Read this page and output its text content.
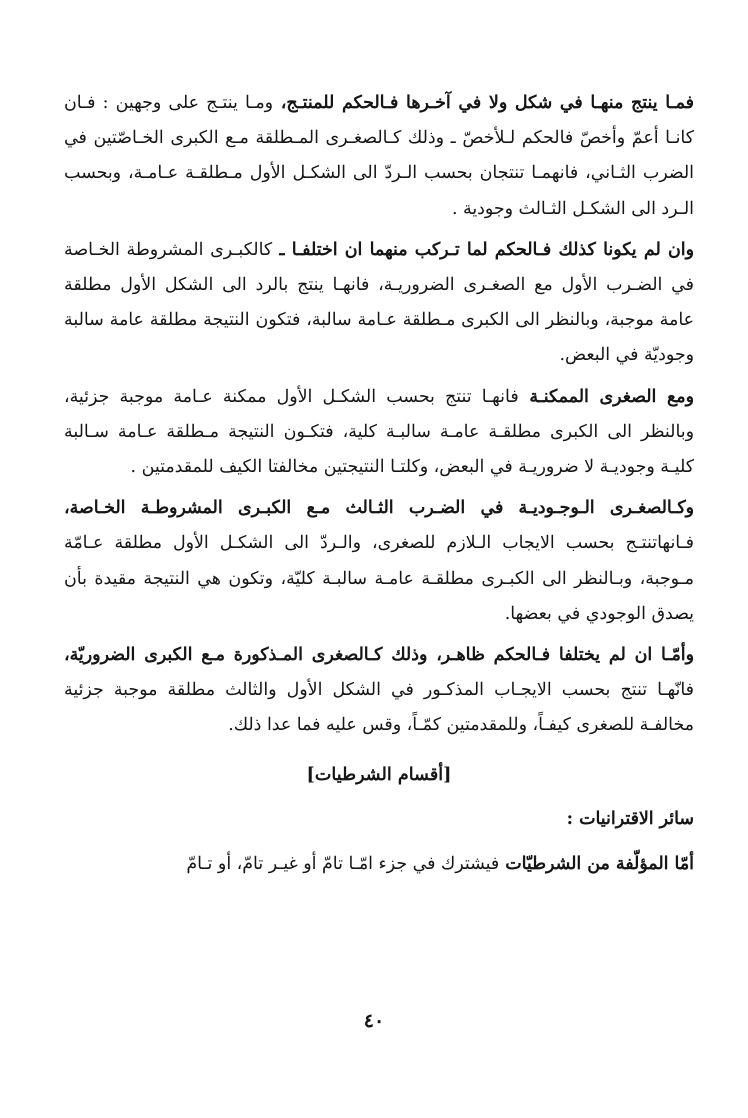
فمـا ينتج منهـا في شكل ولا في آخـرها فـالحكم للمنتـج، ومـا ينتـج على وجهين : فـان كانـا أعمّ وأخصّ فالحكم لـلأخصّ ـ وذلك كـالصغـرى المـطلقة مـع الكبرى الخـاصّتين في الضرب الثـاني، فانهمـا تنتجان بحسب الـردّ الى الشكـل الأول مـطلقـة عـامـة، وبحسب الـرد الى الشكـل الثـالث وجودية .

وان لم يكونا كذلك فـالحكم لما تـركب منهما ان اختلفـا ـ كالكبـرى المشروطة الخـاصة في الضـرب الأول مع الصغـرى الضروريـة، فانهـا ينتج بالرد الى الشكل الأول مطلقة عامة موجبة، وبالنظر الى الكبرى مـطلقة عـامة سالبة، فتكون النتيجة مطلقة عامة سالبة وجوديّة في البعض.

ومع الصغرى الممكنـة فانهـا تنتج بحسب الشكـل الأول ممكنة عـامة موجبة جزئية، وبالنظر الى الكبرى مطلقـة عامـة سالبـة كلية، فتكـون النتيجة مـطلقة عـامة سـالبة كليـة وجوديـة لا ضروريـة في البعض، وكلتـا النتيجتين مخالفتا الكيف للمقدمتين .

وكـالصغـرى الـوجـوديـة في الضـرب الثـالث مـع الكبـرى المشروطـة الخـاصة، فـانهاتنتـج بحسب الايجاب الـلازم للصغرى، والـردّ الى الشكـل الأول مطلقة عـامّة مـوجبة، وبـالنظر الى الكبـرى مطلقـة عامـة سالبـة كليّة، وتكون هي النتيجة مقيدة بأن يصدق الوجودي في بعضها.

وأمّـا ان لم يختلفا فـالحكم ظاهـر، وذلك كـالصغرى المـذكورة مـع الكبرى الضروريّة، فانّهـا تنتج بحسب الايجـاب المذكـور في الشكل الأول والثالث مطلقة موجبة جزئية مخالفـة للصغرى كيفـاً، وللمقدمتين كمّـاً، وقس عليه فما عدا ذلك.

[أقسام الشرطيات]
سائر الاقترانيات :

أمّا المؤلّفة من الشرطيّات فيشترك في جزء امّـا تامّ أو غيـر تامّ، أو تـامّ

٤٠
